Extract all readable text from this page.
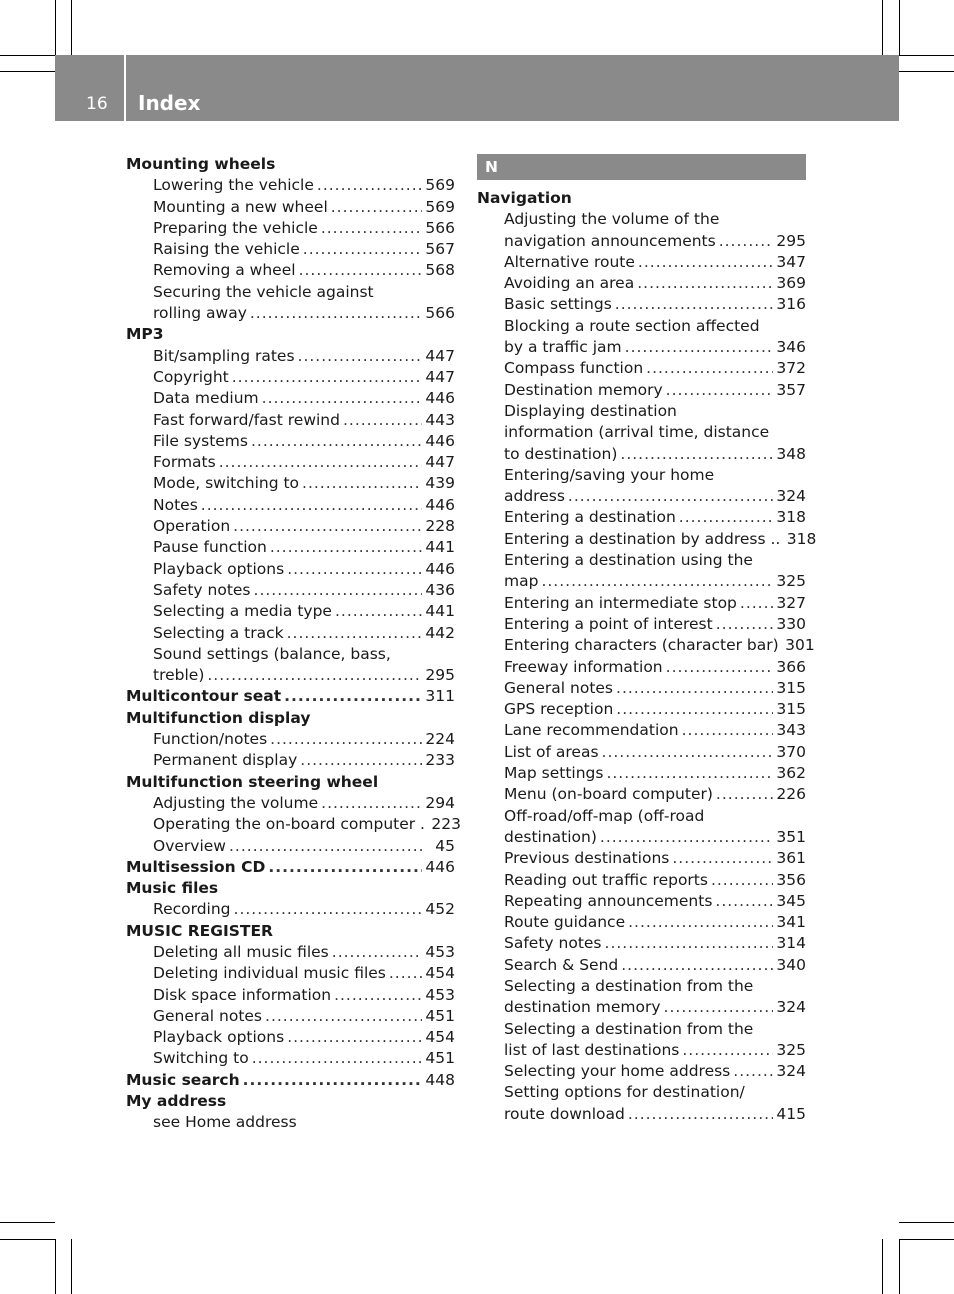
16 Index
Mounting wheels
Lowering the vehicle .....	569
Mounting a new wheel .....	569
Preparing the vehicle .....	566
Raising the vehicle .....	567
Removing a wheel .....	568
Securing the vehicle against
rolling away .....	566
MP3
Bit/sampling rates .....	447
Copyright .....	447
Data medium .....	446
Fast forward/fast rewind .....	443
File systems .....	446
Formats .....	447
Mode, switching to .....	439
Notes .....	446
Operation .....	228
Pause function .....	441
Playback options .....	446
Safety notes .....	436
Selecting a media type .....	441
Selecting a track .....	442
Sound settings (balance, bass,
treble) .....	295
Multicontour seat .....	311
Multifunction display
Function/notes .....	224
Permanent display .....	233
Multifunction steering wheel
Adjusting the volume .....	294
Operating the on-board computer . 223
Overview .....	45
Multisession CD .....	446
Music files
Recording .....	452
MUSIC REGISTER
Deleting all music files .....	453
Deleting individual music files .....	454
Disk space information .....	453
General notes .....	451
Playback options .....	454
Switching to .....	451
Music search .....	448
My address
see Home address
N
Navigation
Adjusting the volume of the
navigation announcements .....	295
Alternative route .....	347
Avoiding an area .....	369
Basic settings .....	316
Blocking a route section affected
by a traffic jam .....	346
Compass function .....	372
Destination memory .....	357
Displaying destination
information (arrival time, distance
to destination) .....	348
Entering/saving your home
address .....	324
Entering a destination .....	318
Entering a destination by address .. 318
Entering a destination using the
map .....	325
Entering an intermediate stop .....	327
Entering a point of interest .....	330
Entering characters (character bar) 301
Freeway information .....	366
General notes .....	315
GPS reception .....	315
Lane recommendation .....	343
List of areas .....	370
Map settings .....	362
Menu (on-board computer) .....	226
Off-road/off-map (off-road
destination) .....	351
Previous destinations .....	361
Reading out traffic reports .....	356
Repeating announcements .....	345
Route guidance .....	341
Safety notes .....	314
Search & Send .....	340
Selecting a destination from the
destination memory .....	324
Selecting a destination from the
list of last destinations .....	325
Selecting your home address .....	324
Setting options for destination/
route download .....	415
